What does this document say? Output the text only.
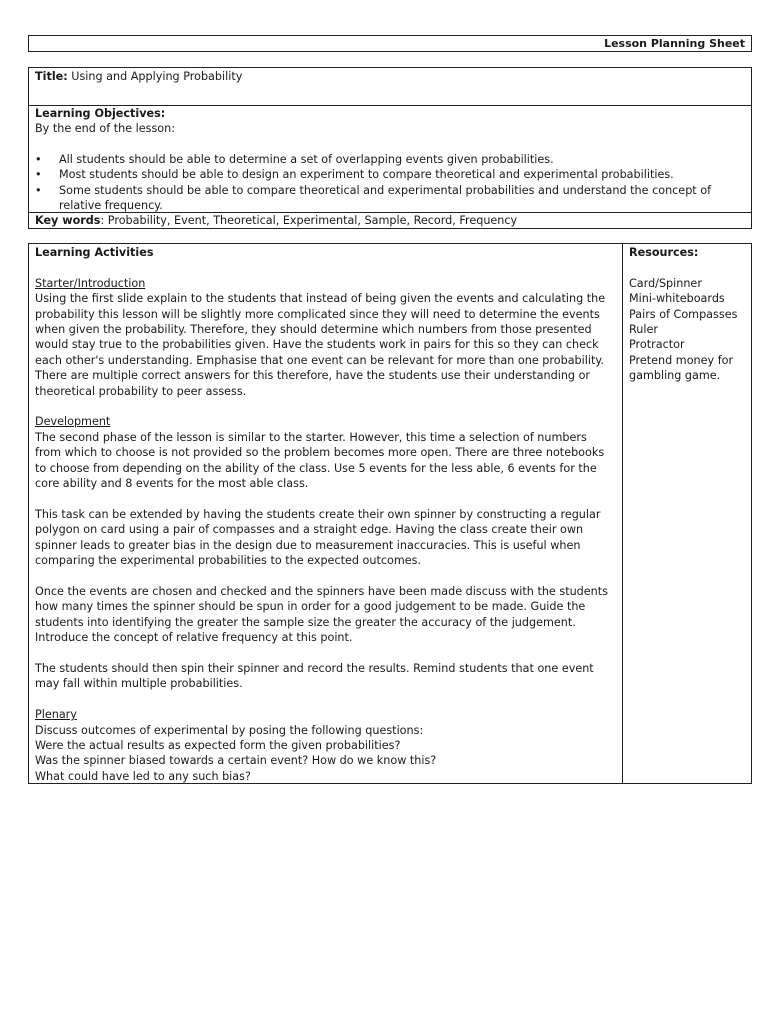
Lesson Planning Sheet
Title: Using and Applying Probability
Learning Objectives:
By the end of the lesson:
• All students should be able to determine a set of overlapping events given probabilities.
• Most students should be able to design an experiment to compare theoretical and experimental probabilities.
• Some students should be able to compare theoretical and experimental probabilities and understand the concept of relative frequency.
Key words: Probability, Event, Theoretical, Experimental, Sample, Record, Frequency
Learning Activities
Starter/Introduction

Using the first slide explain to the students that instead of being given the events and calculating the probability this lesson will be slightly more complicated since they will need to determine the events when given the probability. Therefore, they should determine which numbers from those presented would stay true to the probabilities given. Have the students work in pairs for this so they can check each other's understanding. Emphasise that one event can be relevant for more than one probability. There are multiple correct answers for this therefore, have the students use their understanding or theoretical probability to peer assess.

Development

The second phase of the lesson is similar to the starter. However, this time a selection of numbers from which to choose is not provided so the problem becomes more open. There are three notebooks to choose from depending on the ability of the class. Use 5 events for the less able, 6 events for the core ability and 8 events for the most able class.

This task can be extended by having the students create their own spinner by constructing a regular polygon on card using a pair of compasses and a straight edge. Having the class create their own spinner leads to greater bias in the design due to measurement inaccuracies. This is useful when comparing the experimental probabilities to the expected outcomes.

Once the events are chosen and checked and the spinners have been made discuss with the students how many times the spinner should be spun in order for a good judgement to be made. Guide the students into identifying the greater the sample size the greater the accuracy of the judgement. Introduce the concept of relative frequency at this point.

The students should then spin their spinner and record the results. Remind students that one event may fall within multiple probabilities.

Plenary
Discuss outcomes of experimental by posing the following questions:
Were the actual results as expected form the given probabilities?
Was the spinner biased towards a certain event? How do we know this?
What could have led to any such bias?
Resources:
Card/Spinner
Mini-whiteboards
Pairs of Compasses
Ruler
Protractor
Pretend money for gambling game.
